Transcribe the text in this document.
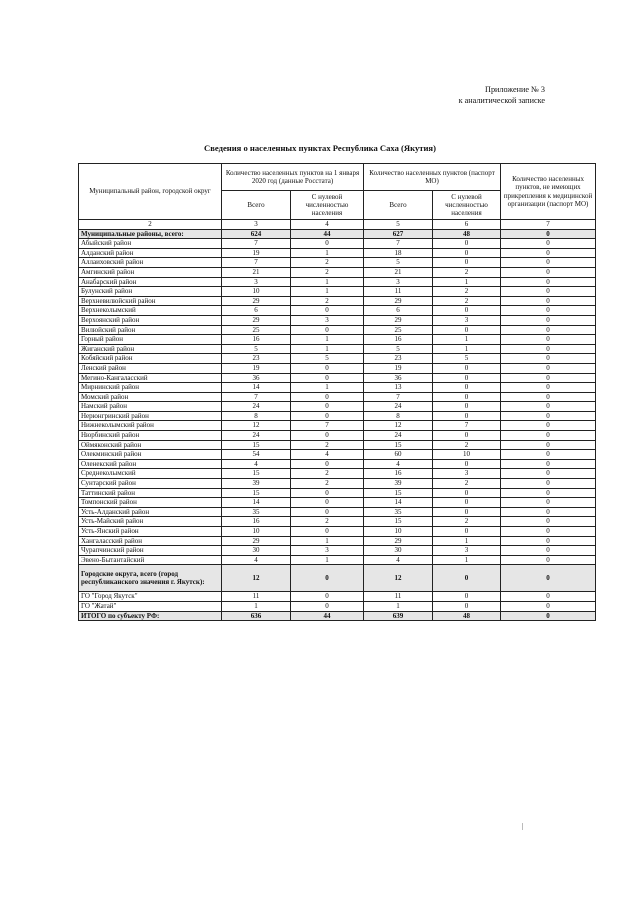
Приложение № 3
к аналитической записке
Сведения о населенных пунктах Республика Саха (Якутия)
Муниципальный район, городской округ	Количество населенных пунктов на 1 января 2020 год (данные Росстата)		Количество населенных пунктов (паспорт МО)		Количество населенных пунктов, не имеющих прикрепления к медицинской организации (паспорт МО)
	Всего	С нулевой численностью населения	Всего	С нулевой численностью населения	
2	3	4	5	6	7
Муниципальные районы, всего:	624	44	627	48	0
Абыйский район	7	0	7	0	0
Алданский район	19	1	18	0	0
Аллаиховский район	7	2	5	0	0
Амгинский район	21	2	21	2	0
Анабарский район	3	1	3	1	0
Булунский район	10	1	11	2	0
Верхневилюйский район	29	2	29	2	0
Верхнеколымский	6	0	6	0	0
Верхоянский район	29	3	29	3	0
Вилюйский район	25	0	25	0	0
Горный район	16	1	16	1	0
Жиганский район	5	1	5	1	0
Кобяйский район	23	5	23	5	0
Ленский район	19	0	19	0	0
Мегино-Кангаласский	36	0	36	0	0
Мирнинский район	14	1	13	0	0
Момский район	7	0	7	0	0
Намский район	24	0	24	0	0
Нерюнгринский район	8	0	8	0	0
Нижнеколымский район	12	7	12	7	0
Нюрбинский район	24	0	24	0	0
Оймяконский район	15	2	15	2	0
Олекминский район	54	4	60	10	0
Оленекский район	4	0	4	0	0
Среднеколымский	15	2	16	3	0
Сунтарский район	39	2	39	2	0
Таттинский район	15	0	15	0	0
Томпонский район	14	0	14	0	0
Усть-Алданский район	35	0	35	0	0
Усть-Майский район	16	2	15	2	0
Усть-Янский район	10	0	10	0	0
Хангаласский район	29	1	29	1	0
Чурапчинский район	30	3	30	3	0
Эвено-Бытантайский	4	1	4	1	0
Городские округа, всего (город республиканского значения г. Якутск):	12	0	12	0	0
ГО "Город Якутск"	11	0	11	0	0
ГО "Жатай"	1	0	1	0	0
ИТОГО по субъекту РФ:	636	44	639	48	0
